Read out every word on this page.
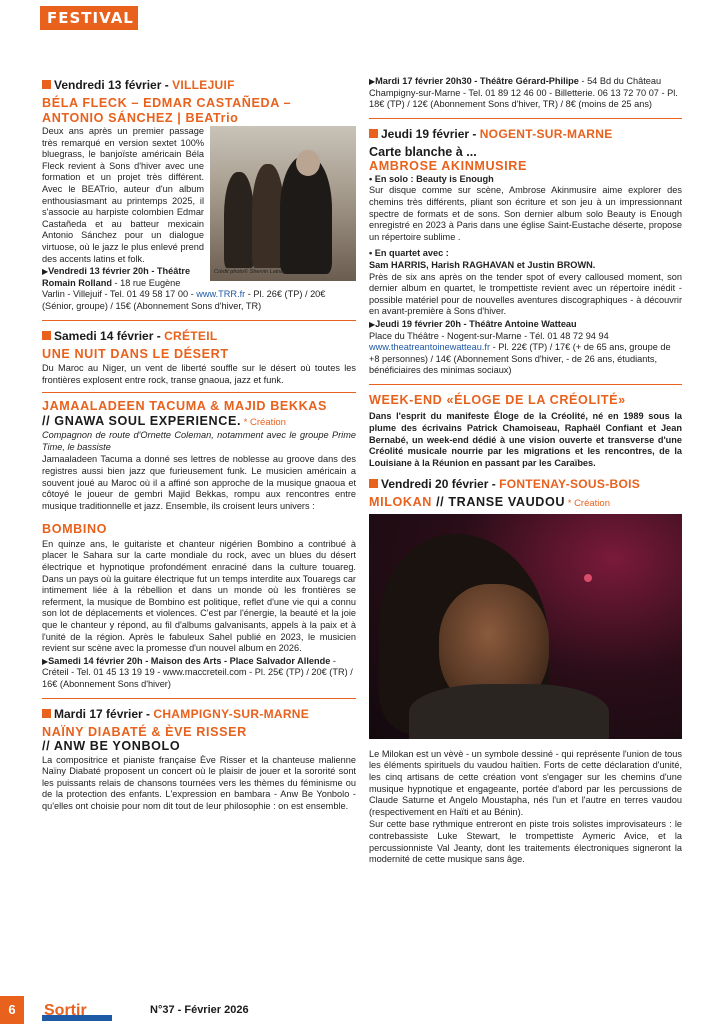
FESTIVAL
Vendredi 13 février - VILLEJUIF
BÉLA FLECK – EDMAR CASTAÑEDA – ANTONIO SÁNCHEZ | BEATrio
Crédit photo© Shervin Lainez
Deux ans après un premier passage très remarqué en version sextet 100% bluegrass, le banjoïste américain Béla Fleck revient à Sons d'hiver avec une formation et un projet très différent. Avec le BEATrio, auteur d'un album enthousiasmant au printemps 2025, il s'associe au harpiste colombien Edmar Castañeda et au batteur mexicain Antonio Sánchez pour un dialogue virtuose, où le jazz le plus enlevé prend des accents latins et folk.
▶Vendredi 13 février 20h - Théâtre Romain Rolland - 18 rue Eugène Varlin - Villejuif - Tel. 01 49 58 17 00 - www.TRR.fr - Pl. 26€ (TP) / 20€ (Sénior, groupe) / 15€ (Abonnement Sons d'hiver, TR)
Samedi 14 février - CRÉTEIL
UNE NUIT DANS LE DÉSERT
Du Maroc au Niger, un vent de liberté souffle sur le désert où toutes les frontières explosent entre rock, transe gnaoua, jazz et funk.
JAMAALADEEN TACUMA & MAJID BEKKAS
// GNAWA SOUL EXPERIENCE. * Création
Compagnon de route d'Ornette Coleman, notamment avec le groupe Prime Time, le bassiste
Jamaaladeen Tacuma a donné ses lettres de noblesse au groove dans des registres aussi bien jazz que furieusement funk. Le musicien américain a souvent joué au Maroc où il a affiné son approche de la musique gnaoua et côtoyé le joueur de gembri Majid Bekkas, rompu aux rencontres entre musique traditionnelle et jazz. Ensemble, ils croisent leurs univers :
BOMBINO
En quinze ans, le guitariste et chanteur nigérien Bombino a contribué à placer le Sahara sur la carte mondiale du rock, avec un blues du désert électrique et hypnotique profondément enraciné dans la culture touareg. Dans un pays où la guitare électrique fut un temps interdite aux Touaregs car intimement liée à la rébellion et dans un monde où les frontières se referment, la musique de Bombino est politique, reflet d'une vie qui a connu son lot de déplacements et violences. C'est par l'énergie, la beauté et la joie que le chanteur y répond, au fil d'albums galvanisants, appels à la paix et à l'unité de la région. Après le fabuleux Sahel publié en 2023, le musicien revient sur scène avec la promesse d'un nouvel album en 2026.
▶Samedi 14 février 20h - Maison des Arts - Place Salvador Allende - Créteil - Tel. 01 45 13 19 19 - www.maccreteil.com - Pl. 25€ (TP) / 20€ (TR) / 16€ (Abonnement Sons d'hiver)
Mardi 17 février - CHAMPIGNY-SUR-MARNE
NAÏNY DIABATÉ & ÈVE RISSER
// ANW BE YONBOLO
La compositrice et pianiste française Ève Risser et la chanteuse malienne Naïny Diabaté proposent un concert où le plaisir de jouer et la sororité sont les puissants relais de chansons tournées vers les thèmes du féminisme ou de la protection des enfants. L'expression en bambara - Anw Be Yonbolo - qu'elles ont choisie pour nom dit tout de leur philosophie : on est ensemble.
▶Mardi 17 février 20h30 - Théâtre Gérard-Philipe - 54 Bd du Château Champigny-sur-Marne - Tel. 01 89 12 46 00 - Billetterie. 06 13 72 70 07 - Pl. 18€ (TP) / 12€ (Abonnement Sons d'hiver, TR) / 8€ (moins de 25 ans)
Jeudi 19 février - NOGENT-SUR-MARNE
Carte blanche à ...
AMBROSE AKINMUSIRE
• En solo : Beauty is Enough
Sur disque comme sur scène, Ambrose Akinmusire aime explorer des chemins très différents, pliant son écriture et son jeu à un impressionnant spectre de formats et de sons. Son dernier album solo Beauty is Enough enregistré en 2023 à Paris dans une église Saint-Eustache déserte, propose un répertoire sublime .
• En quartet avec :
Sam HARRIS, Harish RAGHAVAN et Justin BROWN.
Près de six ans après on the tender spot of every calloused moment, son dernier album en quartet, le trompettiste revient avec un répertoire inédit - possible matériel pour de nouvelles aventures discographiques - à découvrir en avant-première à Sons d'hiver.
▶Jeudi 19 février 20h - Théâtre Antoine Watteau
Place du Théâtre - Nogent-sur-Marne - Tél. 01 48 72 94 94
www.theatreantoinewatteau.fr - Pl. 22€ (TP) / 17€ (+ de 65 ans, groupe de +8 personnes) / 14€ (Abonnement Sons d'hiver, - de 26 ans, étudiants, bénéficiaires des minimas sociaux)
WEEK-END «ÉLOGE DE LA CRÉOLITÉ»
Dans l'esprit du manifeste Éloge de la Créolité, né en 1989 sous la plume des écrivains Patrick Chamoiseau, Raphaël Confiant et Jean Bernabé, un week-end dédié à une vision ouverte et transverse d'une Créolité musicale nourrie par les migrations et les rencontres, de la Louisiane à la Réunion en passant par les Caraïbes.
Vendredi 20 février - FONTENAY-SOUS-BOIS
MILOKAN // TRANSE VAUDOU * Création
Le Milokan est un vèvè - un symbole dessiné - qui représente l'union de tous les éléments spirituels du vaudou haïtien. Forts de cette déclaration d'unité, les cinq artisans de cette création vont s'engager sur les chemins d'une musique hypnotique et engageante, portée d'abord par les percussions de Claude Saturne et Angelo Moustapha, nés l'un et l'autre en terres vaudou (respectivement en Haïti et au Bénin).
Sur cette base rythmique entreront en piste trois solistes improvisateurs : le contrebassiste Luke Stewart, le trompettiste Aymeric Avice, et la percussionniste Val Jeanty, dont les traitements électroniques signeront la modernité de cette musique sans âge.
6	Sortir	N°37 - Février 2026
